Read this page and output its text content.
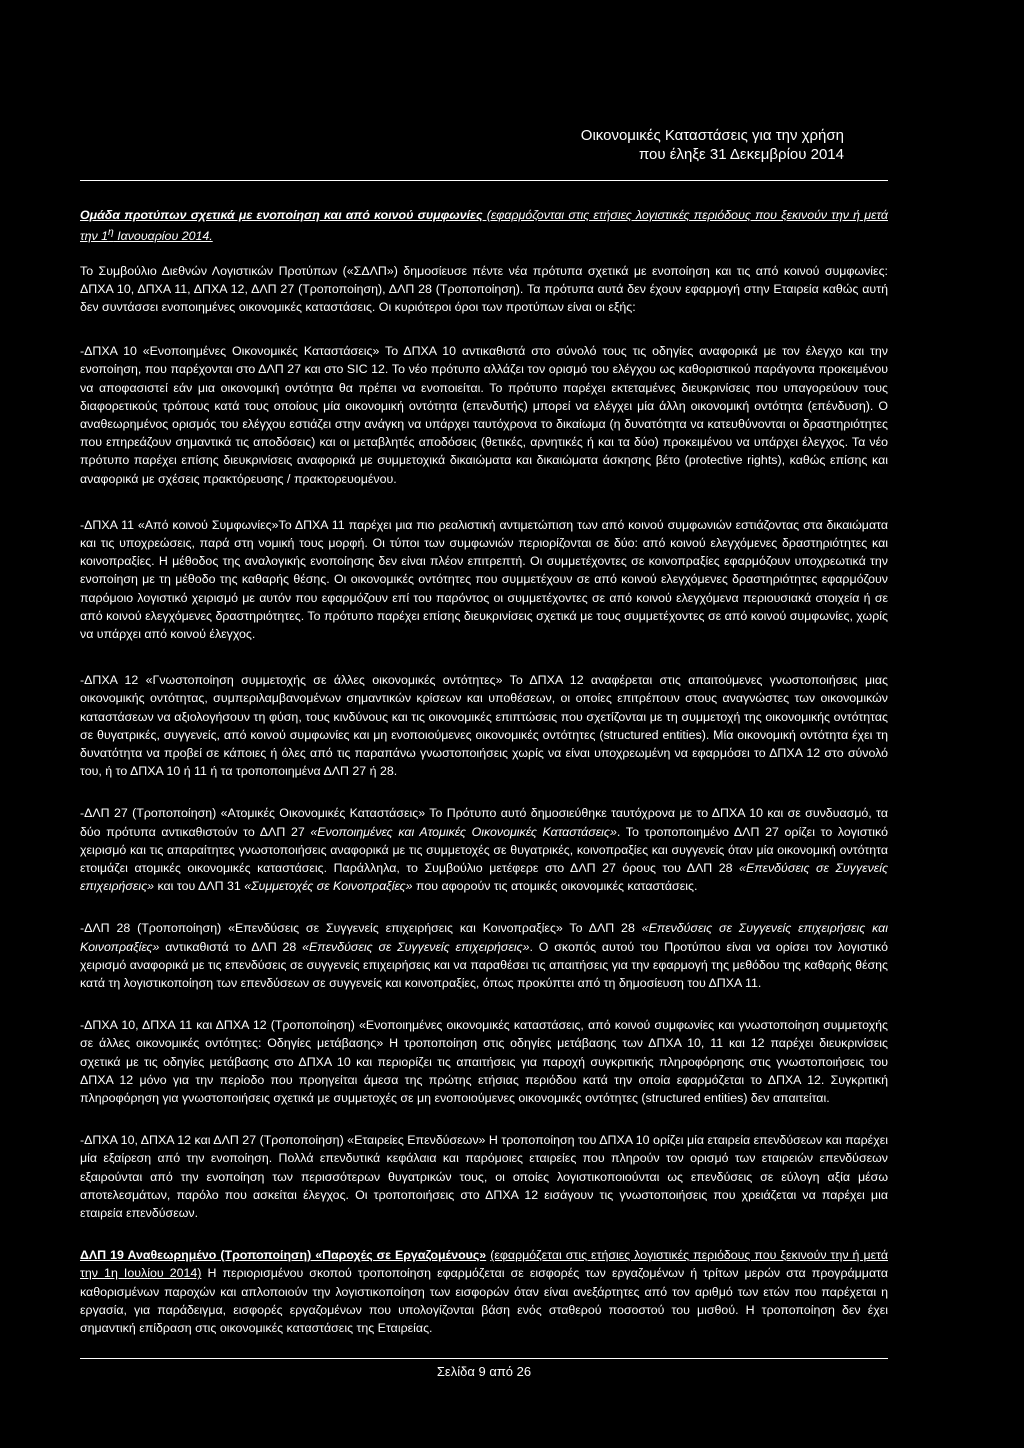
Οικονομικές Καταστάσεις για την χρήση
που έληξε 31 Δεκεμβρίου 2014

Ομάδα προτύπων σχετικά με ενοποίηση και από κοινού συμφωνίες (εφαρμόζονται στις ετήσιες λογιστικές περιόδους που ξεκινούν την ή μετά την $1^\eta$ Ιανουαρίου 2014.

Το Συμβούλιο Διεθνών Λογιστικών Προτύπων («ΣΔΛΠ») δημοσίευσε πέντε νέα πρότυπα σχετικά με ενοποίηση και τις από κοινού συμφωνίες: ΔΠΧΑ 10, ΔΠΧΑ 11, ΔΠΧΑ 12, ΔΛΠ 27 (Τροποποίηση), ΔΛΠ 28 (Τροποποίηση). Τα πρότυπα αυτά δεν έχουν εφαρμογή στην Εταιρεία καθώς αυτή δεν συντάσσει ενοποιημένες οικονομικές καταστάσεις. Οι κυριότεροι όροι των προτύπων είναι οι εξής:

-ΔΠΧΑ 10 «Ενοποιημένες Οικονομικές Καταστάσεις» Το ΔΠΧΑ 10 αντικαθιστά στο σύνολό τους τις οδηγίες αναφορικά με τον έλεγχο και την ενοποίηση, που παρέχονται στο ΔΛΠ 27 και στο SIC 12. Το νέο πρότυπο αλλάζει τον ορισμό του ελέγχου ως καθοριστικού παράγοντα προκειμένου να αποφασιστεί εάν μια οικονομική οντότητα θα πρέπει να ενοποιείται. Το πρότυπο παρέχει εκτεταμένες διευκρινίσεις που υπαγορεύουν τους διαφορετικούς τρόπους κατά τους οποίους μία οικονομική οντότητα (επενδυτής) μπορεί να ελέγχει μία άλλη οικονομική οντότητα (επένδυση). Ο αναθεωρημένος ορισμός του ελέγχου εστιάζει στην ανάγκη να υπάρχει ταυτόχρονα το δικαίωμα (η δυνατότητα να κατευθύνονται οι δραστηριότητες που επηρεάζουν σημαντικά τις αποδόσεις) και οι μεταβλητές αποδόσεις (θετικές, αρνητικές ή και τα δύο) προκειμένου να υπάρχει έλεγχος. Τα νέο πρότυπο παρέχει επίσης διευκρινίσεις αναφορικά με συμμετοχικά δικαιώματα και δικαιώματα άσκησης βέτο (protective rights), καθώς επίσης και αναφορικά με σχέσεις πρακτόρευσης / πρακτορευομένου.

-ΔΠΧΑ 11 «Από κοινού Συμφωνίες»Το ΔΠΧΑ 11 παρέχει μια πιο ρεαλιστική αντιμετώπιση των από κοινού συμφωνιών εστιάζοντας στα δικαιώματα και τις υποχρεώσεις, παρά στη νομική τους μορφή. Οι τύποι των συμφωνιών περιορίζονται σε δύο: από κοινού ελεγχόμενες δραστηριότητες και κοινοπραξίες. Η μέθοδος της αναλογικής ενοποίησης δεν είναι πλέον επιτρεπτή. Οι συμμετέχοντες σε κοινοπραξίες εφαρμόζουν υποχρεωτικά την ενοποίηση με τη μέθοδο της καθαρής θέσης. Οι οικονομικές οντότητες που συμμετέχουν σε από κοινού ελεγχόμενες δραστηριότητες εφαρμόζουν παρόμοιο λογιστικό χειρισμό με αυτόν που εφαρμόζουν επί του παρόντος οι συμμετέχοντες σε από κοινού ελεγχόμενα περιουσιακά στοιχεία ή σε από κοινού ελεγχόμενες δραστηριότητες. Το πρότυπο παρέχει επίσης διευκρινίσεις σχετικά με τους συμμετέχοντες σε από κοινού συμφωνίες, χωρίς να υπάρχει από κοινού έλεγχος.

-ΔΠΧΑ 12 «Γνωστοποίηση συμμετοχής σε άλλες οικονομικές οντότητες» Το ΔΠΧΑ 12 αναφέρεται στις απαιτούμενες γνωστοποιήσεις μιας οικονομικής οντότητας, συμπεριλαμβανομένων σημαντικών κρίσεων και υποθέσεων, οι οποίες επιτρέπουν στους αναγνώστες των οικονομικών καταστάσεων να αξιολογήσουν τη φύση, τους κινδύνους και τις οικονομικές επιπτώσεις που σχετίζονται με τη συμμετοχή της οικονομικής οντότητας σε θυγατρικές, συγγενείς, από κοινού συμφωνίες και μη ενοποιούμενες οικονομικές οντότητες (structured entities). Μία οικονομική οντότητα έχει τη δυνατότητα να προβεί σε κάποιες ή όλες από τις παραπάνω γνωστοποιήσεις χωρίς να είναι υποχρεωμένη να εφαρμόσει το ΔΠΧΑ 12 στο σύνολό του, ή το ΔΠΧΑ 10 ή 11 ή τα τροποποιημένα ΔΛΠ 27 ή 28.

-ΔΛΠ 27 (Τροποποίηση) «Ατομικές Οικονομικές Καταστάσεις» Το Πρότυπο αυτό δημοσιεύθηκε ταυτόχρονα με το ΔΠΧΑ 10 και σε συνδυασμό, τα δύο πρότυπα αντικαθιστούν το ΔΛΠ 27 «Ενοποιημένες και Ατομικές Οικονομικές Καταστάσεις». Το τροποποιημένο ΔΛΠ 27 ορίζει το λογιστικό χειρισμό και τις απαραίτητες γνωστοποιήσεις αναφορικά με τις συμμετοχές σε θυγατρικές, κοινοπραξίες και συγγενείς όταν μία οικονομική οντότητα ετοιμάζει ατομικές οικονομικές καταστάσεις. Παράλληλα, το Συμβούλιο μετέφερε στο ΔΛΠ 27 όρους του ΔΛΠ 28 «Επενδύσεις σε Συγγενείς επιχειρήσεις» και του ΔΛΠ 31 «Συμμετοχές σε Κοινοπραξίες» που αφορούν τις ατομικές οικονομικές καταστάσεις.

-ΔΛΠ 28 (Τροποποίηση) «Επενδύσεις σε Συγγενείς επιχειρήσεις και Κοινοπραξίες» Το ΔΛΠ 28 «Επενδύσεις σε Συγγενείς επιχειρήσεις και Κοινοπραξίες» αντικαθιστά το ΔΛΠ 28 «Επενδύσεις σε Συγγενείς επιχειρήσεις». Ο σκοπός αυτού του Προτύπου είναι να ορίσει τον λογιστικό χειρισμό αναφορικά με τις επενδύσεις σε συγγενείς επιχειρήσεις και να παραθέσει τις απαιτήσεις για την εφαρμογή της μεθόδου της καθαρής θέσης κατά τη λογιστικοποίηση των επενδύσεων σε συγγενείς και κοινοπραξίες, όπως προκύπτει από τη δημοσίευση του ΔΠΧΑ 11.

-ΔΠΧΑ 10, ΔΠΧΑ 11 και ΔΠΧΑ 12 (Τροποποίηση) «Ενοποιημένες οικονομικές καταστάσεις, από κοινού συμφωνίες και γνωστοποίηση συμμετοχής σε άλλες οικονομικές οντότητες: Οδηγίες μετάβασης» Η τροποποίηση στις οδηγίες μετάβασης των ΔΠΧΑ 10, 11 και 12 παρέχει διευκρινίσεις σχετικά με τις οδηγίες μετάβασης στο ΔΠΧΑ 10 και περιορίζει τις απαιτήσεις για παροχή συγκριτικής πληροφόρησης στις γνωστοποιήσεις του ΔΠΧΑ 12 μόνο για την περίοδο που προηγείται άμεσα της πρώτης ετήσιας περιόδου κατά την οποία εφαρμόζεται το ΔΠΧΑ 12. Συγκριτική πληροφόρηση για γνωστοποιήσεις σχετικά με συμμετοχές σε μη ενοποιούμενες οικονομικές οντότητες (structured entities) δεν απαιτείται.

-ΔΠΧΑ 10, ΔΠΧΑ 12 και ΔΛΠ 27 (Τροποποίηση) «Εταιρείες Επενδύσεων» Η τροποποίηση του ΔΠΧΑ 10 ορίζει μία εταιρεία επενδύσεων και παρέχει μία εξαίρεση από την ενοποίηση. Πολλά επενδυτικά κεφάλαια και παρόμοιες εταιρείες που πληρούν τον ορισμό των εταιρειών επενδύσεων εξαιρούνται από την ενοποίηση των περισσότερων θυγατρικών τους, οι οποίες λογιστικοποιούνται ως επενδύσεις σε εύλογη αξία μέσω αποτελεσμάτων, παρόλο που ασκείται έλεγχος. Οι τροποποιήσεις στο ΔΠΧΑ 12 εισάγουν τις γνωστοποιήσεις που χρειάζεται να παρέχει μια εταιρεία επενδύσεων.

ΔΛΠ 19 Αναθεωρημένο (Τροποποίηση) «Παροχές σε Εργαζομένους» (εφαρμόζεται στις ετήσιες λογιστικές περιόδους που ξεκινούν την ή μετά την 1η Ιουλίου 2014) Η περιορισμένου σκοπού τροποποίηση εφαρμόζεται σε εισφορές των εργαζομένων ή τρίτων μερών στα προγράμματα καθορισμένων παροχών και απλοποιούν την λογιστικοποίηση των εισφορών όταν είναι ανεξάρτητες από τον αριθμό των ετών που παρέχεται η εργασία, για παράδειγμα, εισφορές εργαζομένων που υπολογίζονται βάση ενός σταθερού ποσοστού του μισθού. Η τροποποίηση δεν έχει σημαντική επίδραση στις οικονομικές καταστάσεις της Εταιρείας.

Σελίδα 9 από 26
